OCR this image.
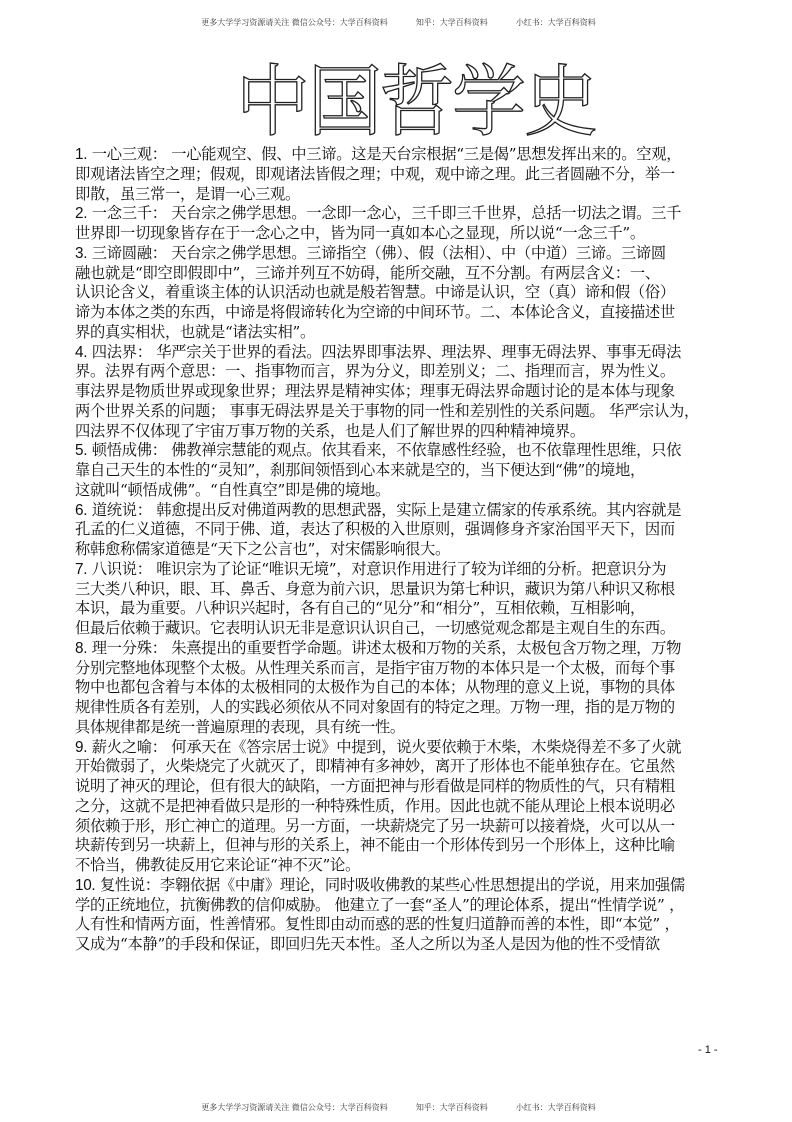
更多大学学习资源请关注 微信公众号：大学百科资料	知乎：大学百科资料	小红书：大学百科资料

中国哲学史
1. 一心三观： 一心能观空、假、中三谛。这是天台宗根据“三是偈”思想发挥出来的。空观，
即观诸法皆空之理；假观，即观诸法皆假之理；中观，观中谛之理。此三者圆融不分，举一
即散，虽三常一，是谓一心三观。
2. 一念三千： 天台宗之佛学思想。一念即一念心，三千即三千世界，总括一切法之谓。三千
世界即一切现象皆存在于一念心之中，皆为同一真如本心之显现，所以说“一念三千”。
3. 三谛圆融： 天台宗之佛学思想。三谛指空（佛）、假（法相）、中（中道）三谛。三谛圆
融也就是“即空即假即中”，三谛并列互不妨碍，能所交融，互不分割。有两层含义：一、
认识论含义，着重谈主体的认识活动也就是般若智慧。中谛是认识，空（真）谛和假（俗）
谛为本体之类的东西，中谛是将假谛转化为空谛的中间环节。二、本体论含义，直接描述世
界的真实相状，也就是“诸法实相”。
4. 四法界： 华严宗关于世界的看法。四法界即事法界、理法界、理事无碍法界、事事无碍法
界。法界有两个意思：一、指事物而言，界为分义，即差别义；二、指理而言，界为性义。
事法界是物质世界或现象世界；理法界是精神实体；理事无碍法界命题讨论的是本体与现象
两个世界关系的问题； 事事无碍法界是关于事物的同一性和差别性的关系问题。 华严宗认为，
四法界不仅体现了宇宙万事万物的关系，也是人们了解世界的四种精神境界。
5. 顿悟成佛： 佛教禅宗慧能的观点。依其看来，不依靠感性经验，也不依靠理性思维，只依
靠自己天生的本性的“灵知”，刹那间领悟到心本来就是空的，当下便达到“佛”的境地，
这就叫“顿悟成佛”。“自性真空”即是佛的境地。
6. 道统说： 韩愈提出反对佛道两教的思想武器，实际上是建立儒家的传承系统。其内容就是
孔孟的仁义道德，不同于佛、道，表达了积极的入世原则，强调修身齐家治国平天下，因而
称韩愈称儒家道德是“天下之公言也”，对宋儒影响很大。
7. 八识说： 唯识宗为了论证“唯识无境”，对意识作用进行了较为详细的分析。把意识分为
三大类八种识，眼、耳、鼻舌、身意为前六识，思量识为第七种识，藏识为第八种识又称根
本识，最为重要。八种识兴起时，各有自己的“见分”和“相分”，互相依赖，互相影响，
但最后依赖于藏识。它表明认识无非是意识认识自己，一切感觉观念都是主观自生的东西。
8. 理一分殊： 朱熹提出的重要哲学命题。讲述太极和万物的关系，太极包含万物之理，万物
分别完整地体现整个太极。从性理关系而言，是指宇宙万物的本体只是一个太极，而每个事
物中也都包含着与本体的太极相同的太极作为自己的本体；从物理的意义上说，事物的具体
规律性质各有差别，人的实践必须依从不同对象固有的特定之理。万物一理，指的是万物的
具体规律都是统一普遍原理的表现，具有统一性。
9. 薪火之喻： 何承天在《答宗居士说》中提到，说火要依赖于木柴，木柴烧得差不多了火就
开始微弱了，火柴烧完了火就灭了，即精神有多神妙，离开了形体也不能单独存在。它虽然
说明了神灭的理论，但有很大的缺陷，一方面把神与形看做是同样的物质性的气，只有精粗
之分，这就不是把神看做只是形的一种特殊性质，作用。因此也就不能从理论上根本说明必
须依赖于形，形亡神亡的道理。另一方面，一块薪烧完了另一块薪可以接着烧，火可以从一
块薪传到另一块薪上，但神与形的关系上，神不能由一个形体传到另一个形体上，这种比喻
不恰当，佛教徒反用它来论证“神不灭”论。
10. 复性说：李翱依据《中庸》理论，同时吸收佛教的某些心性思想提出的学说，用来加强儒
学的正统地位，抗衡佛教的信仰威胁。 他建立了一套“圣人”的理论体系，提出“性情学说” ，
人有性和情两方面，性善情邪。复性即由动而惑的恶的性复归道静而善的本性，即“本觉” ，
又成为“本静”的手段和保证，即回归先天本性。圣人之所以为圣人是因为他的性不受情欲
- 1 -

更多大学学习资源请关注 微信公众号：大学百科资料	知乎：大学百科资料	小红书：大学百科资料
